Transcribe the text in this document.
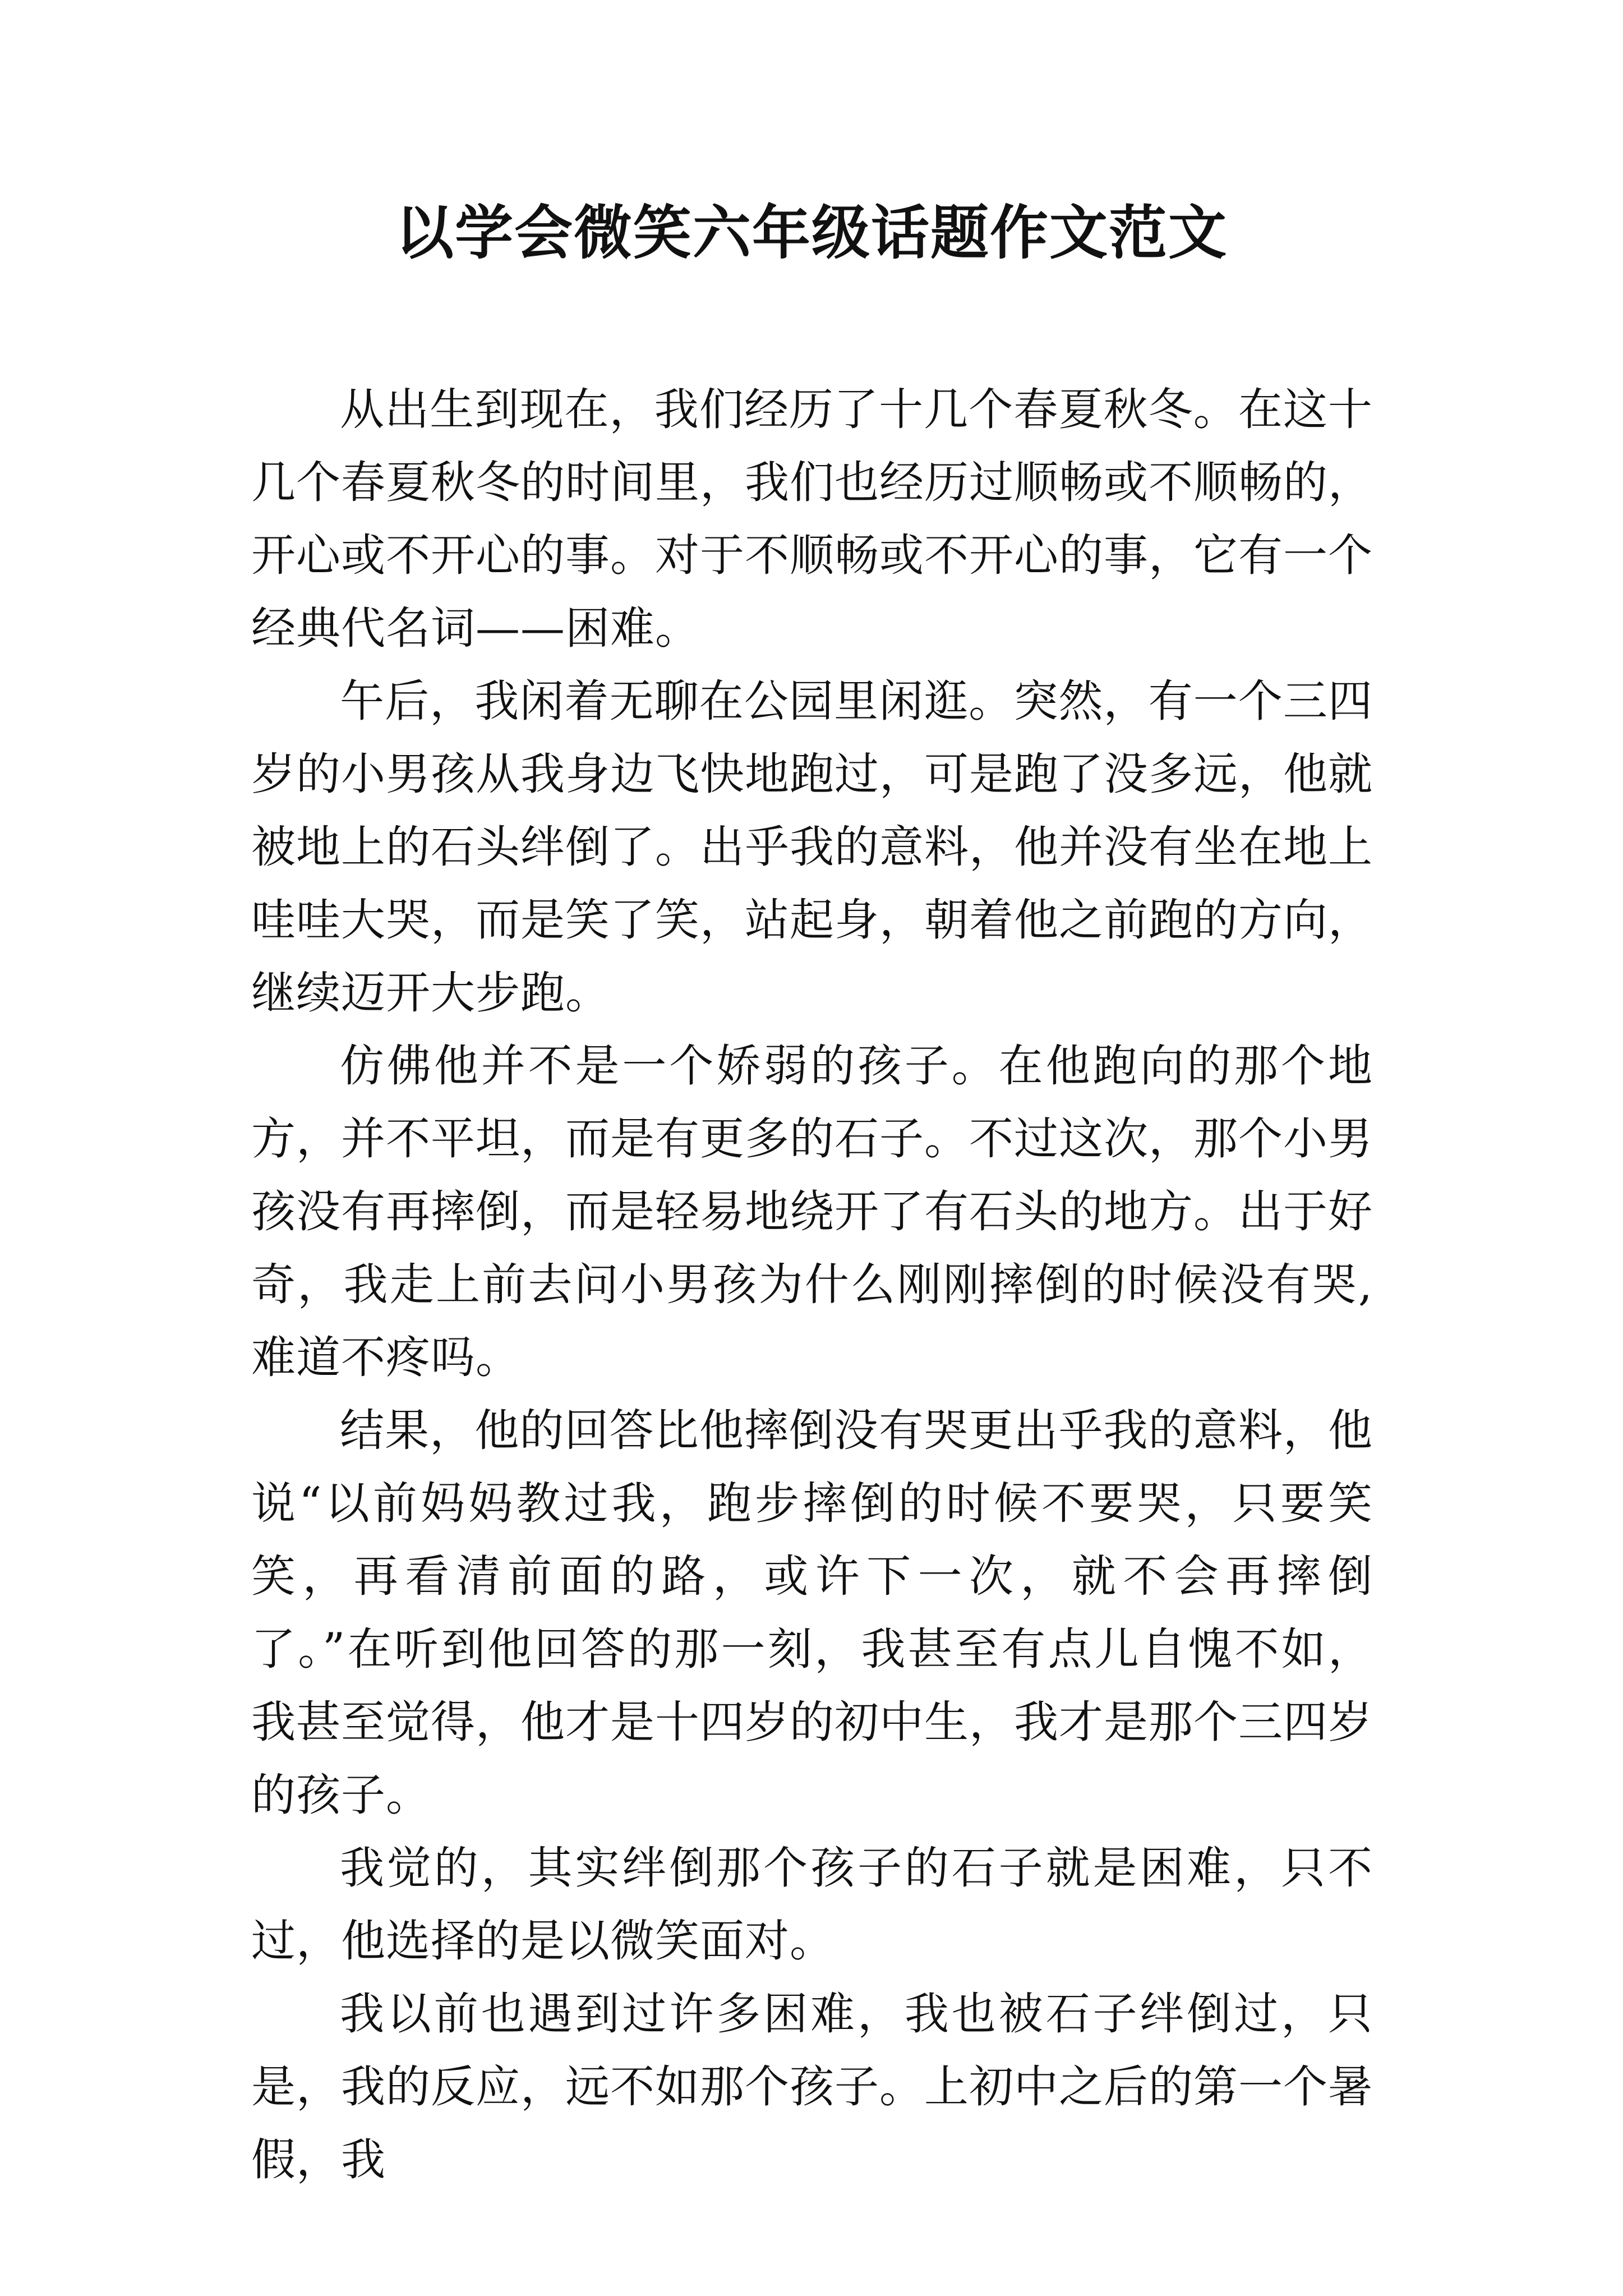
以学会微笑六年级话题作文范文

从出生到现在，我们经历了十几个春夏秋冬。在这十几个春夏秋冬的时间里，我们也经历过顺畅或不顺畅的，开心或不开心的事。对于不顺畅或不开心的事，它有一个经典代名词——困难。

午后，我闲着无聊在公园里闲逛。突然，有一个三四岁的小男孩从我身边飞快地跑过，可是跑了没多远，他就被地上的石头绊倒了。出乎我的意料，他并没有坐在地上哇哇大哭，而是笑了笑，站起身，朝着他之前跑的方向，继续迈开大步跑。

仿佛他并不是一个娇弱的孩子。在他跑向的那个地方，并不平坦，而是有更多的石子。不过这次，那个小男孩没有再摔倒，而是轻易地绕开了有石头的地方。出于好奇，我走上前去问小男孩为什么刚刚摔倒的时候没有哭,难道不疼吗。

结果，他的回答比他摔倒没有哭更出乎我的意料，他说“以前妈妈教过我，跑步摔倒的时候不要哭，只要笑笑，再看清前面的路，或许下一次，就不会再摔倒了。”在听到他回答的那一刻，我甚至有点儿自愧不如，我甚至觉得，他才是十四岁的初中生，我才是那个三四岁的孩子。

我觉的，其实绊倒那个孩子的石子就是困难，只不过，他选择的是以微笑面对。

我以前也遇到过许多困难，我也被石子绊倒过，只是，我的反应，远不如那个孩子。上初中之后的第一个暑假，我
